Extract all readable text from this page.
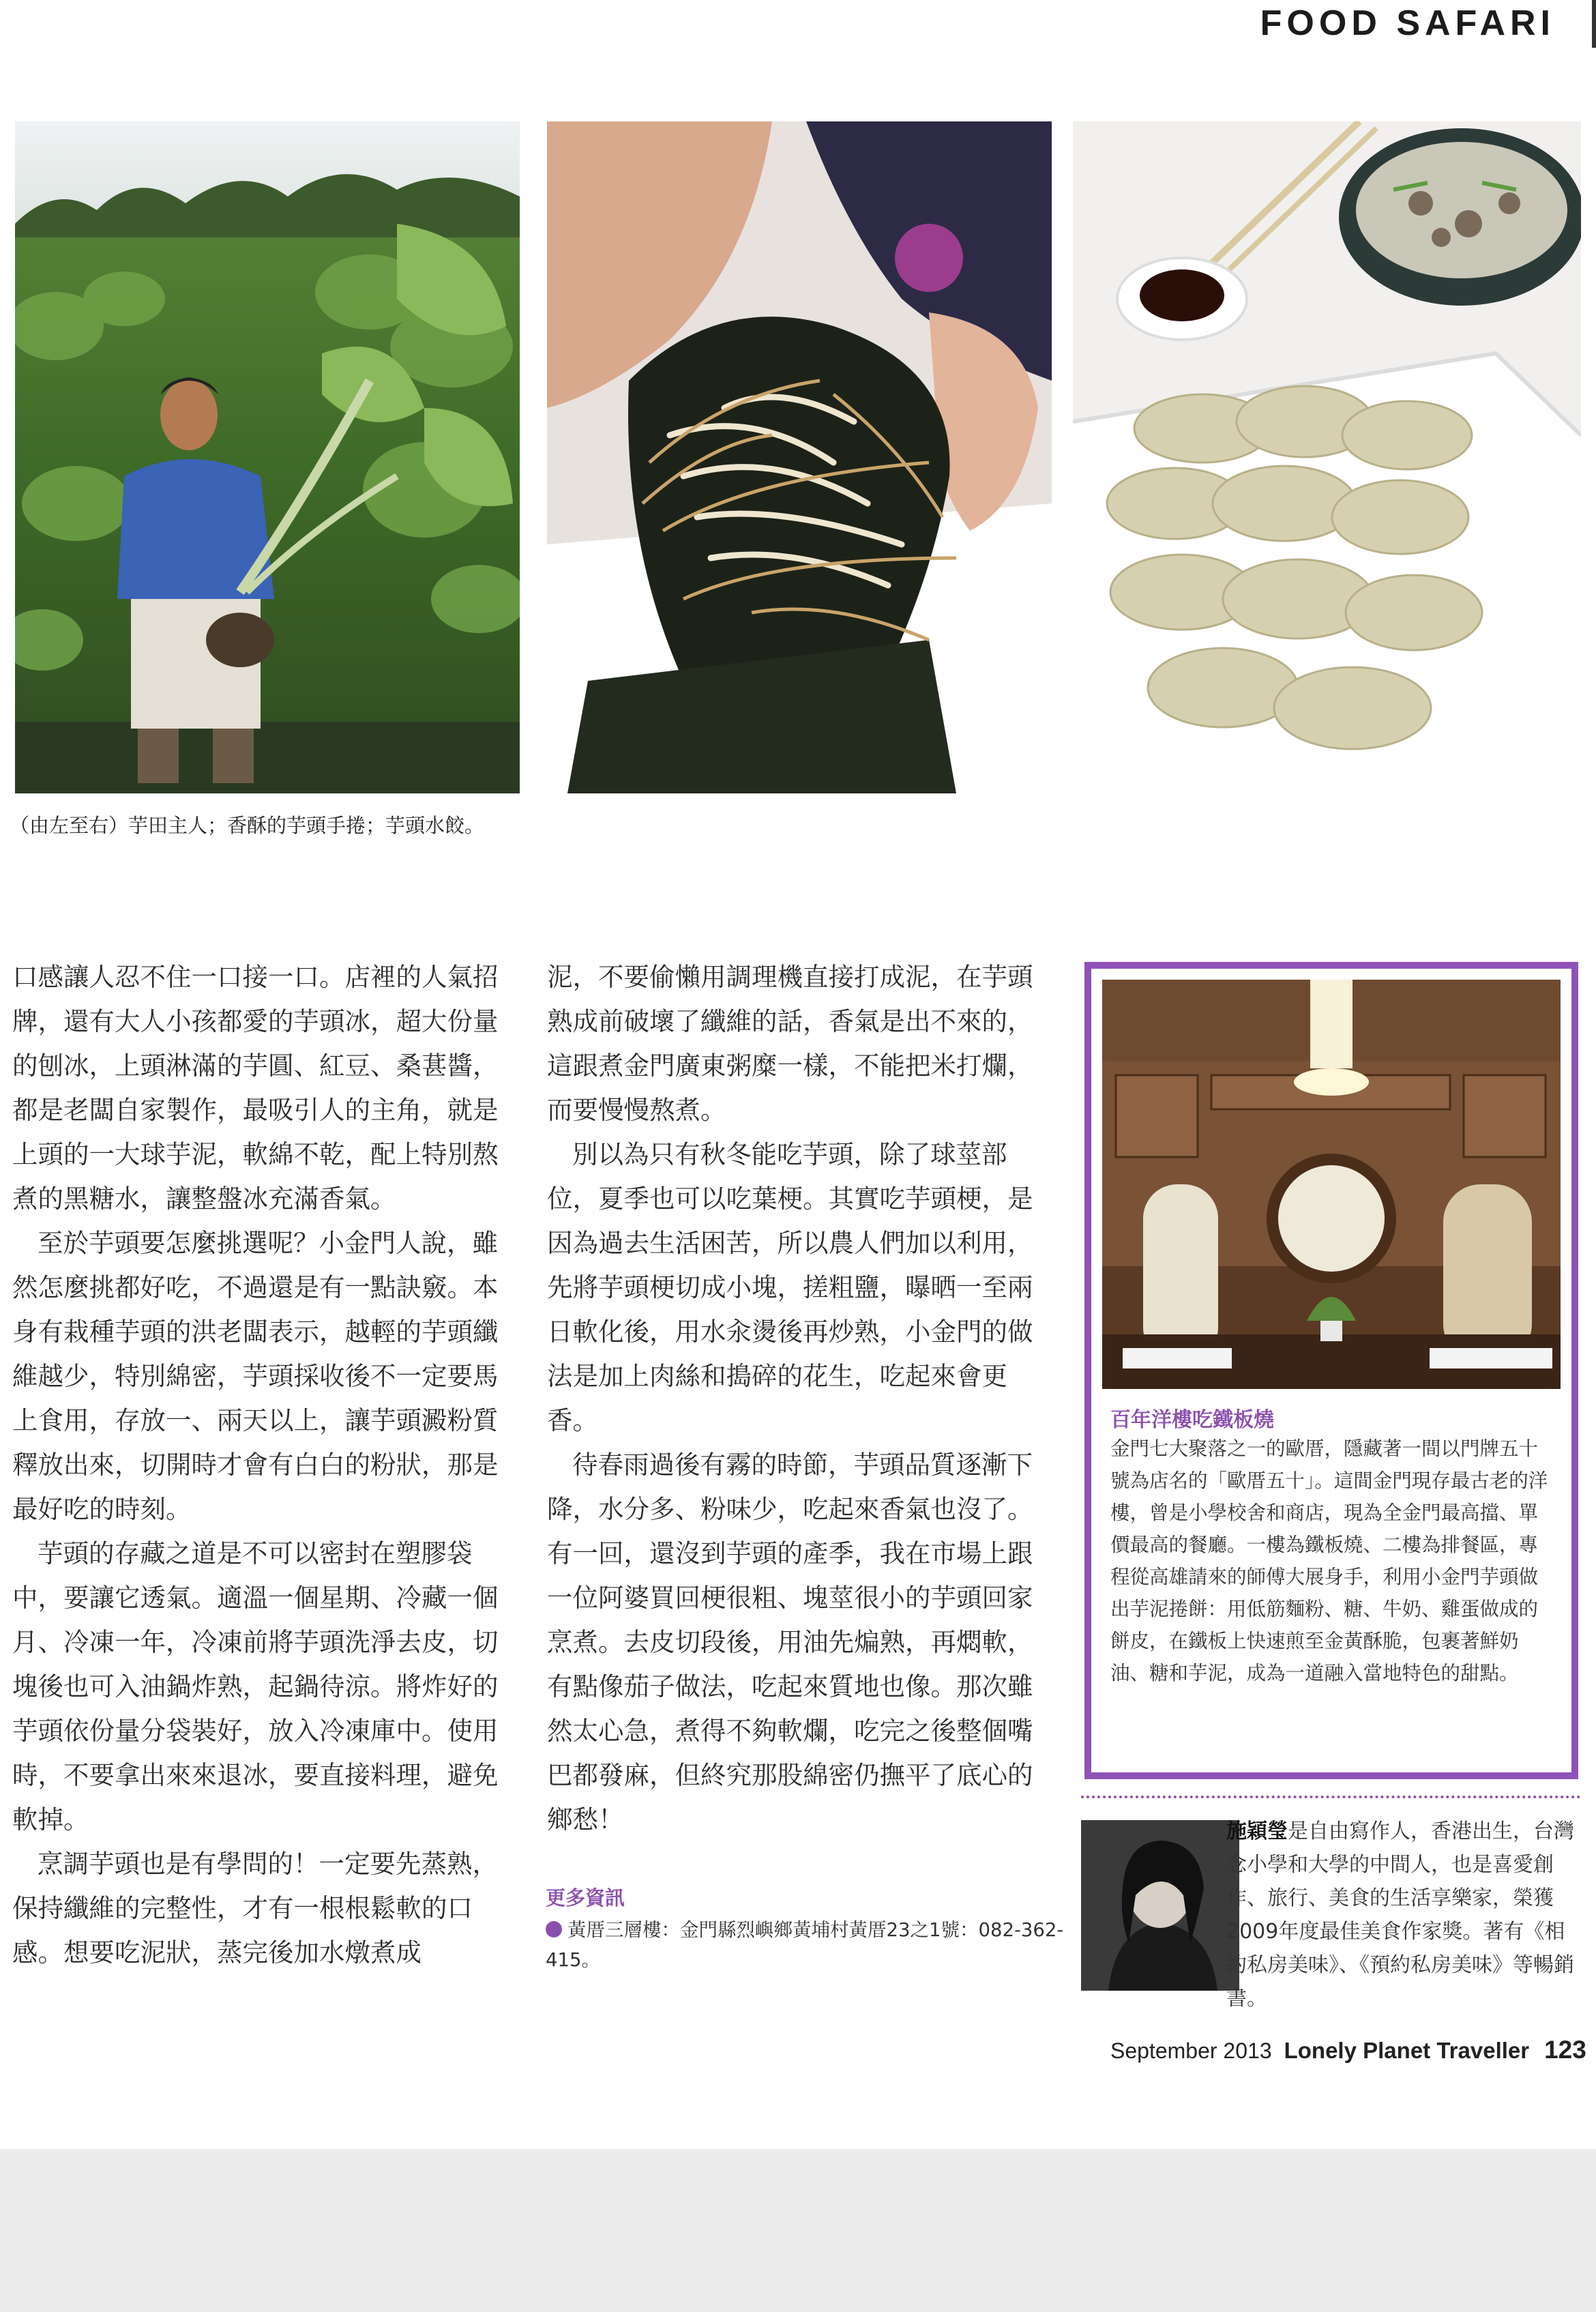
FOOD SAFARI
（由左至右）芋田主人；香酥的芋頭手捲；芋頭水餃。

口感讓人忍不住一口接一口。店裡的人氣招牌，還有大人小孩都愛的芋頭冰，超大份量的刨冰，上頭淋滿的芋圓、紅豆、桑葚醬，都是老闆自家製作，最吸引人的主角，就是上頭的一大球芋泥，軟綿不乾，配上特別熬煮的黑糖水，讓整盤冰充滿香氣。

至於芋頭要怎麼挑選呢？小金門人說，雖然怎麼挑都好吃，不過還是有一點訣竅。本身有栽種芋頭的洪老闆表示，越輕的芋頭纖維越少，特別綿密，芋頭採收後不一定要馬上食用，存放一、兩天以上，讓芋頭澱粉質釋放出來，切開時才會有白白的粉狀，那是最好吃的時刻。

芋頭的存藏之道是不可以密封在塑膠袋中，要讓它透氣。適溫一個星期、冷藏一個月、冷凍一年，冷凍前將芋頭洗淨去皮，切塊後也可入油鍋炸熟，起鍋待涼。將炸好的芋頭依份量分袋裝好，放入冷凍庫中。使用時，不要拿出來來退冰，要直接料理，避免軟掉。

烹調芋頭也是有學問的！一定要先蒸熟，保持纖維的完整性，才有一根根鬆軟的口感。想要吃泥狀，蒸完後加水燉煮成

泥，不要偷懶用調理機直接打成泥，在芋頭熟成前破壞了纖維的話，香氣是出不來的，這跟煮金門廣東粥糜一樣，不能把米打爛，而要慢慢熬煮。

別以為只有秋冬能吃芋頭，除了球莖部位，夏季也可以吃葉梗。其實吃芋頭梗，是因為過去生活困苦，所以農人們加以利用，先將芋頭梗切成小塊，搓粗鹽，曝晒一至兩日軟化後，用水汆燙後再炒熟，小金門的做法是加上肉絲和搗碎的花生，吃起來會更香。

待春雨過後有霧的時節，芋頭品質逐漸下降，水分多、粉味少，吃起來香氣也沒了。有一回，還沒到芋頭的產季，我在市場上跟一位阿婆買回梗很粗、塊莖很小的芋頭回家烹煮。去皮切段後，用油先煸熟，再燜軟，有點像茄子做法，吃起來質地也像。那次雖然太心急，煮得不夠軟爛，吃完之後整個嘴巴都發麻，但終究那股綿密仍撫平了底心的鄉愁！

更多資訊
黃厝三層樓：金門縣烈嶼鄉黃埔村黃厝23之1號：082-362-415。
百年洋樓吃鐵板燒
金門七大聚落之一的歐厝，隱藏著一間以門牌五十號為店名的「歐厝五十」。這間金門現存最古老的洋樓，曾是小學校舍和商店，現為全金門最高擋、單價最高的餐廳。一樓為鐵板燒、二樓為排餐區，專程從高雄請來的師傅大展身手，利用小金門芋頭做出芋泥捲餅：用低筋麵粉、糖、牛奶、雞蛋做成的餅皮，在鐵板上快速煎至金黃酥脆，包裹著鮮奶油、糖和芋泥，成為一道融入當地特色的甜點。
施穎瑩是自由寫作人，香港出生，台灣念小學和大學的中間人，也是喜愛創作、旅行、美食的生活享樂家，榮獲2009年度最佳美食作家獎。著有《相約私房美味》、《預約私房美味》等暢銷書。
September 2013 Lonely Planet Traveller 123
